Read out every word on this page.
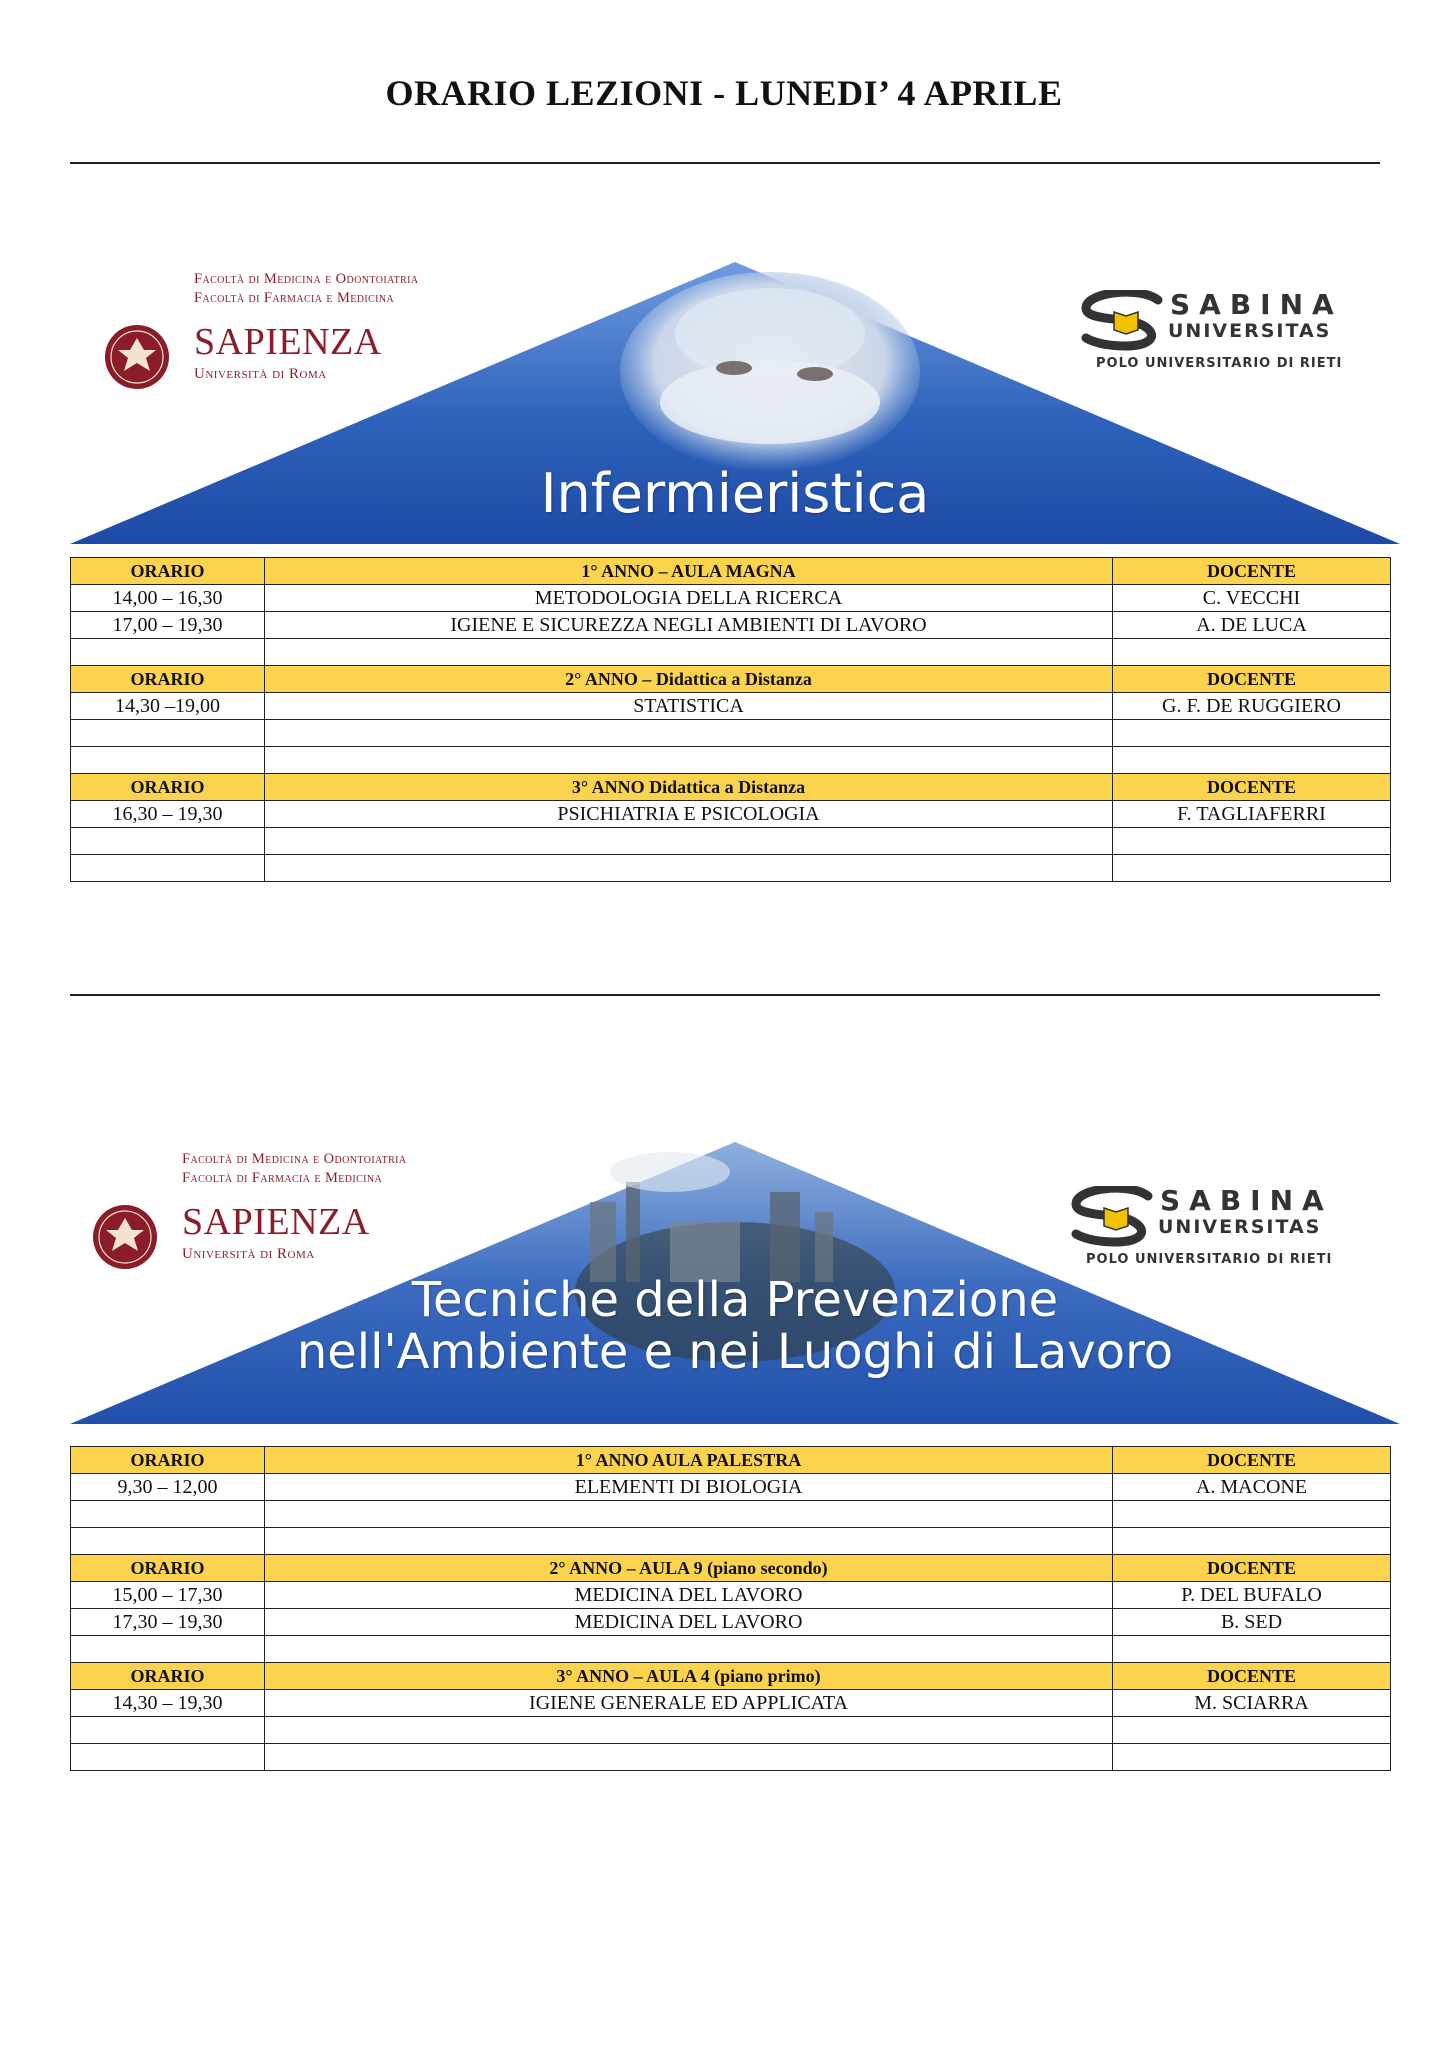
ORARIO LEZIONI - LUNEDI’ 4 APRILE
Infermieristica
Facoltà di Medicina e Odontoiatria
Facoltà di Farmacia e Medicina
SAPIENZA
Università di Roma
SABINA
UNIVERSITAS
POLO UNIVERSITARIO DI RIETI
ORARIO	1° ANNO – AULA MAGNA	DOCENTE
14,00 – 16,30	METODOLOGIA DELLA RICERCA	C. VECCHI
17,00 – 19,30	IGIENE E SICUREZZA NEGLI AMBIENTI DI LAVORO	A. DE LUCA

ORARIO	2° ANNO – Didattica a Distanza	DOCENTE
14,30 –19,00	STATISTICA	G. F. DE RUGGIERO

ORARIO	3° ANNO Didattica a Distanza	DOCENTE
16,30 – 19,30	PSICHIATRIA E PSICOLOGIA	F. TAGLIAFERRI

Tecniche della Prevenzione
nell'Ambiente e nei Luoghi di Lavoro
Facoltà di Medicina e Odontoiatria
Facoltà di Farmacia e Medicina
SAPIENZA
Università di Roma
SABINA
UNIVERSITAS
POLO UNIVERSITARIO DI RIETI
ORARIO	1° ANNO AULA PALESTRA	DOCENTE
9,30 – 12,00	ELEMENTI DI BIOLOGIA	A. MACONE

ORARIO	2° ANNO – AULA 9 (piano secondo)	DOCENTE
15,00 – 17,30	MEDICINA DEL LAVORO	P. DEL BUFALO
17,30 – 19,30	MEDICINA DEL LAVORO	B. SED

ORARIO	3° ANNO – AULA 4 (piano primo)	DOCENTE
14,30 – 19,30	IGIENE GENERALE ED APPLICATA	M. SCIARRA
